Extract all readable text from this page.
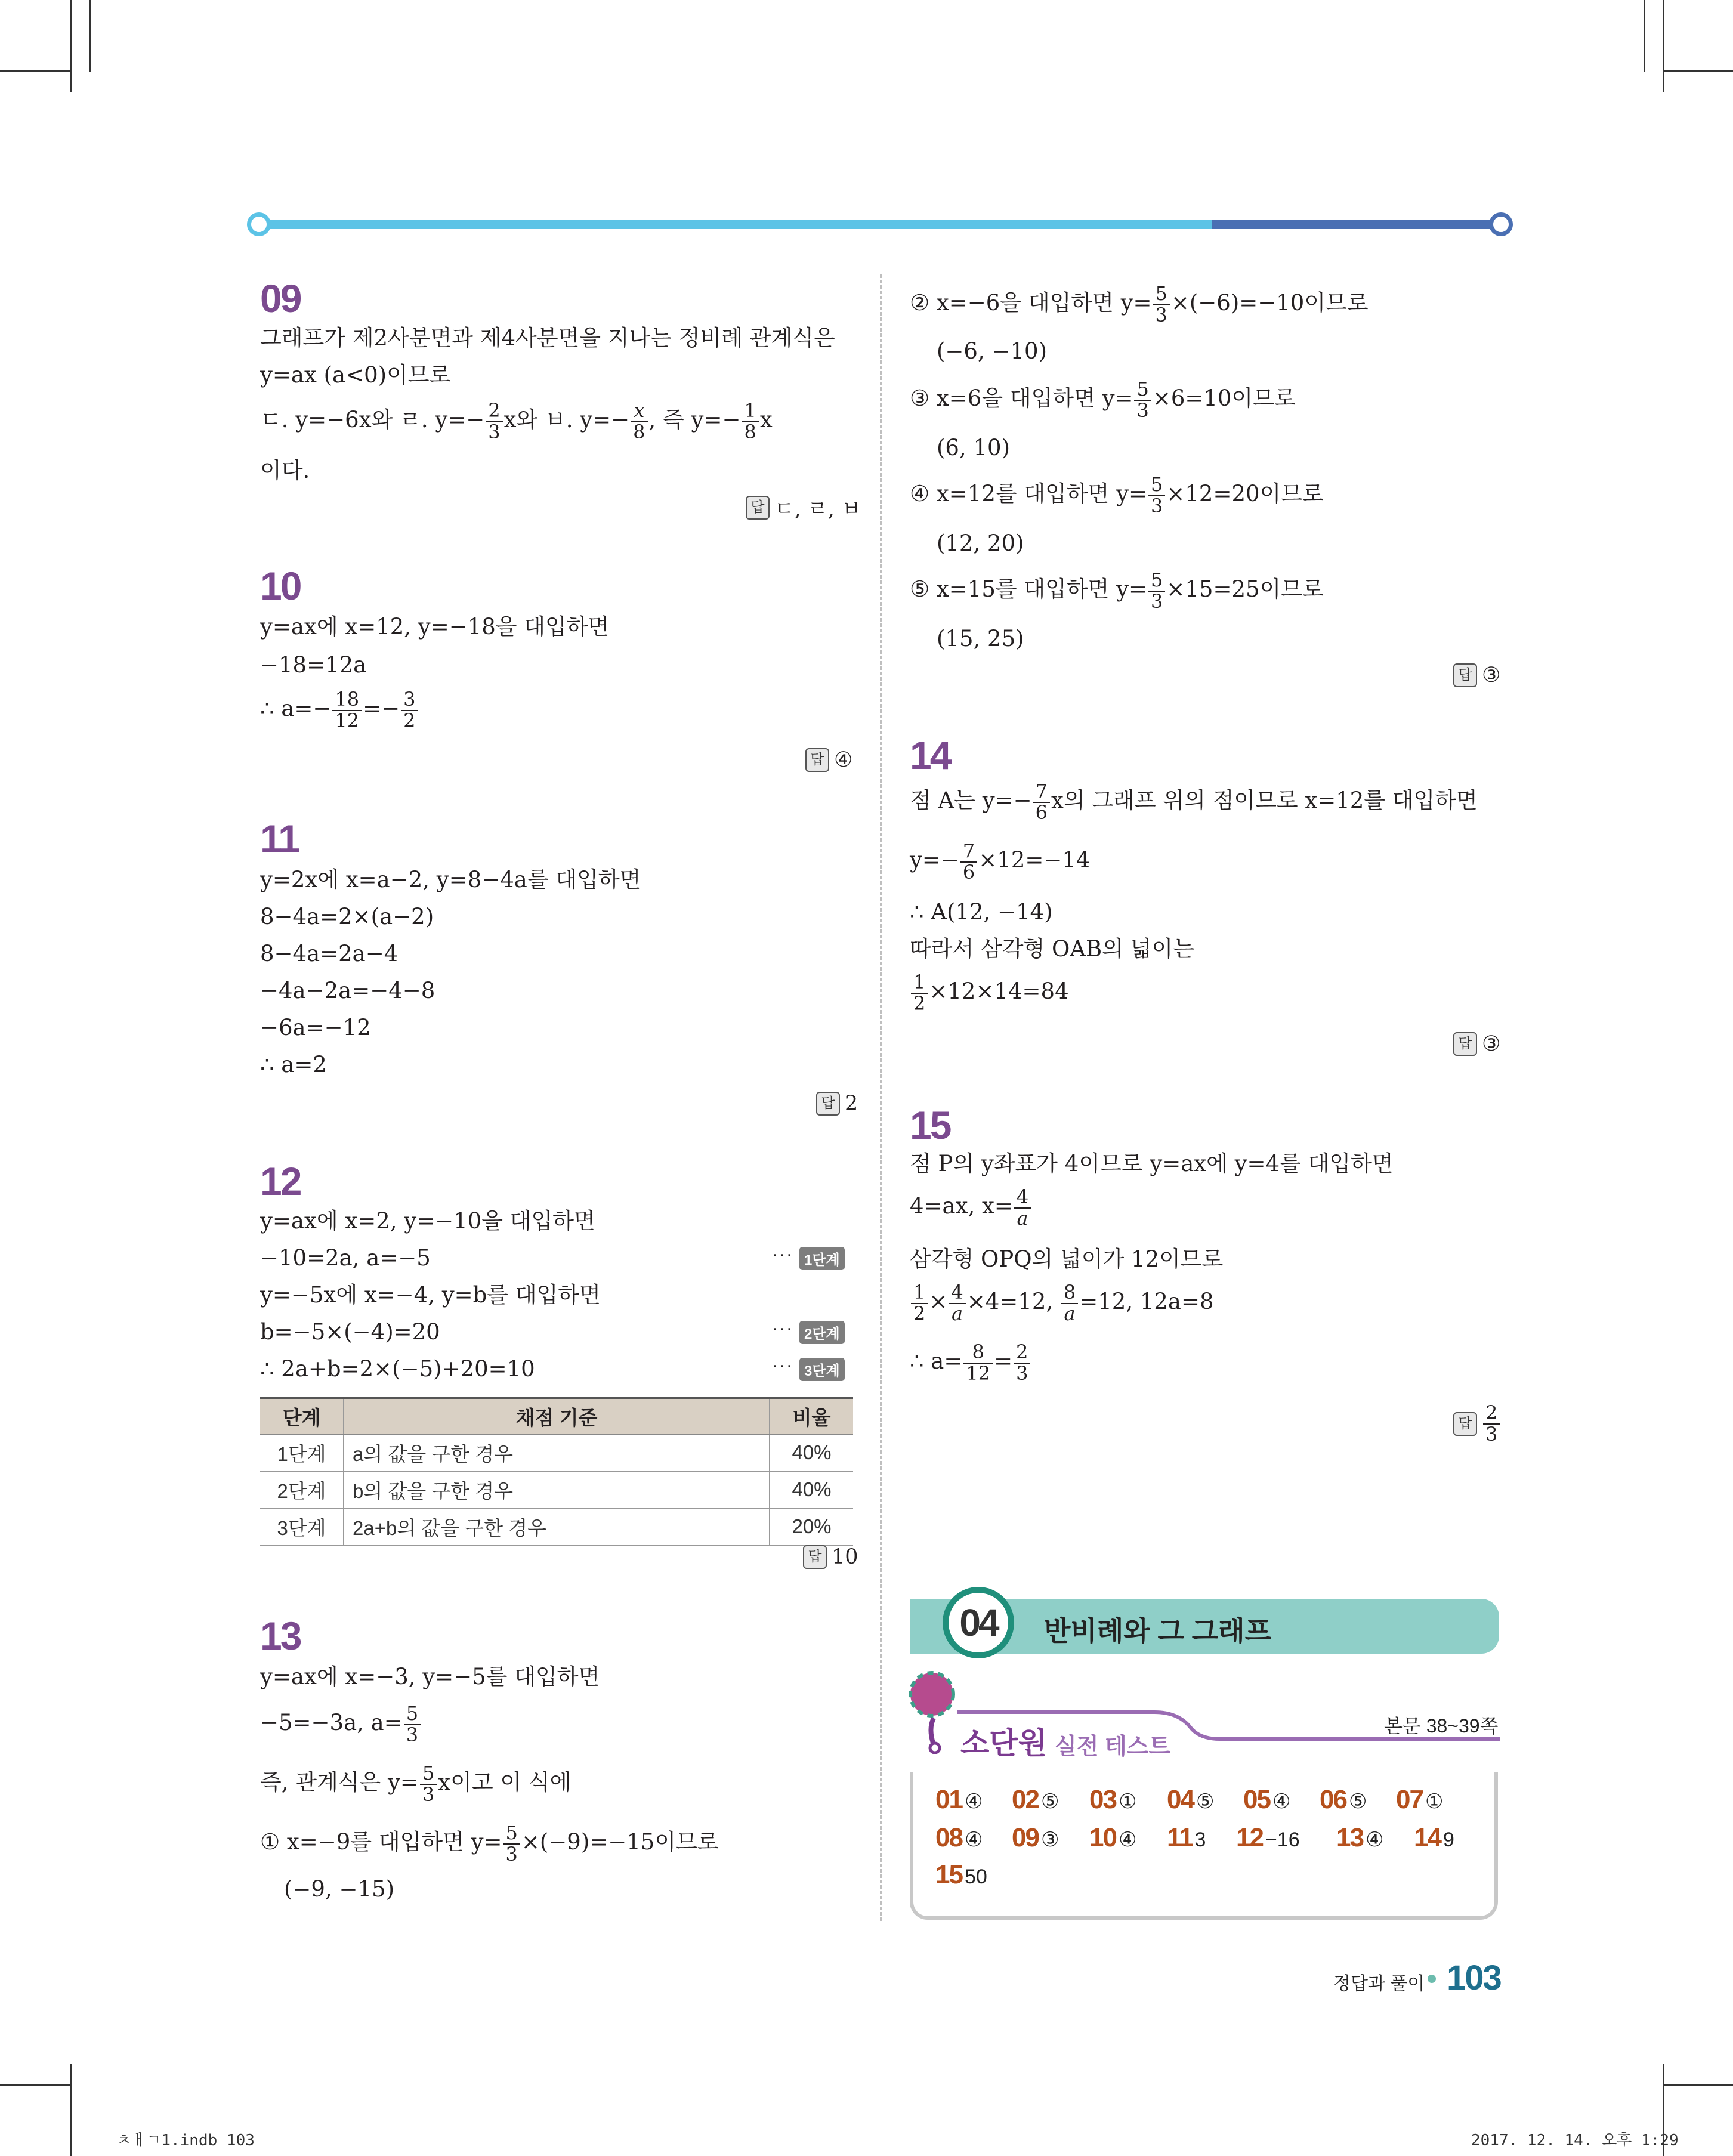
09
그래프가 제2사분면과 제4사분면을 지나는 정비례 관계식은
y=ax (a<0)이므로
ㄷ. y=−6x와 ㄹ. $y=- \frac{2}{3}$ x와 ㅂ. $y=- \frac{x}{8}$ , 즉 $y=- \frac{1}{8}$ x
이다.
답 ㄷ, ㄹ, ㅂ
10
y=ax에 x=12, y=−18을 대입하면
−18=12a
∴ $a=- \frac{18}{12} =- \frac{3}{2}$
답 ④
11
y=2x에 x=a−2, y=8−4a를 대입하면
8−4a=2×(a−2)
8−4a=2a−4
−4a−2a=−4−8
−6a=−12
∴ a=2
답 2
12
y=ax에 x=2, y=−10을 대입하면
−10=2a, a=−5	··· 1단계
y=−5x에 x=−4, y=b를 대입하면
b=−5×(−4)=20	··· 2단계
∴ 2a+b=2×(−5)+20=10	··· 3단계
단계	채점 기준	비율
1단계	a의 값을 구한 경우	40%
2단계	b의 값을 구한 경우	40%
3단계	2a+b의 값을 구한 경우	20%
답 10
13
y=ax에 x=−3, y=−5를 대입하면
−5=−3a, $a= \frac{5}{3}$
즉, 관계식은 $y= \frac{5}{3}$ x이고 이 식에
① x=−9를 대입하면 $y= \frac{5}{3} \times(-9)=-15$이므로
(−9, −15)
② x=−6을 대입하면 $y= \frac{5}{3} \times(-6)=-10$이므로
(−6, −10)
③ x=6을 대입하면 $y= \frac{5}{3} \times 6=10$이므로
(6, 10)
④ x=12를 대입하면 $y= \frac{5}{3} \times 12=20$이므로
(12, 20)
⑤ x=15를 대입하면 $y= \frac{5}{3} \times 15=25$이므로
(15, 25)
답 ③
14
점 A는 $y=- \frac{7}{6}$ x의 그래프 위의 점이므로 x=12를 대입하면
$y=- \frac{7}{6} \times 12=-14$
∴ A(12, −14)
따라서 삼각형 OAB의 넓이는
$\frac{1}{2} \times 12\times 14=84$
답 ③
15
점 P의 y좌표가 4이므로 y=ax에 y=4를 대입하면
4=ax, $x= \frac{4}{a}$
삼각형 OPQ의 넓이가 12이므로
$\frac{1}{2} \times \frac{4}{a} \times 4=12$, $\frac{8}{a} =12$, 12a=8
∴ $a= \frac{8}{12} = \frac{2}{3}$
답 $\frac{2}{3}$
04	반비례와 그 그래프
소단원 실전 테스트
본문 38~39쪽
01 ④ 02 ⑤ 03 ① 04 ⑤ 05 ④ 06 ⑤ 07 ①
08 ④ 09 ③ 10 ④ 11 3 12 −16 13 ④ 14 9
15 50
정답과 풀이 103
ㅊㅐㄱ1.indb 103	2017. 12. 14. 오후 1:29
